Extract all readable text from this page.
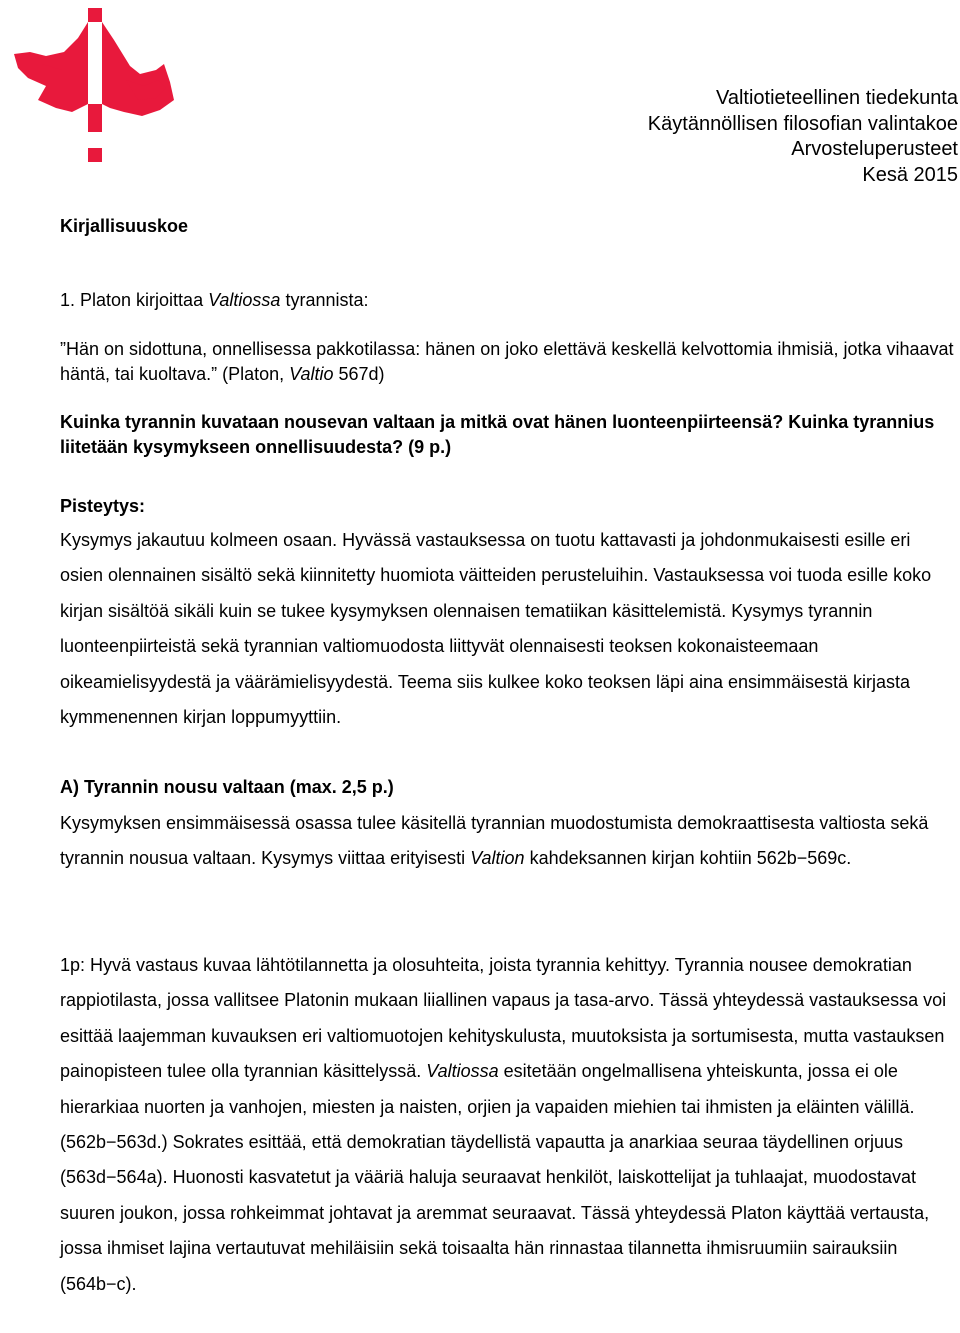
Valtiotieteellinen tiedekunta
Käytännöllisen filosofian valintakoe
Arvosteluperusteet
Kesä 2015
Kirjallisuuskoe
1. Platon kirjoittaa Valtiossa tyrannista:
”Hän on sidottuna, onnellisessa pakkotilassa: hänen on joko elettävä keskellä kelvottomia ihmisiä, jotka vihaavat häntä, tai kuoltava.” (Platon, Valtio 567d)
Kuinka tyrannin kuvataan nousevan valtaan ja mitkä ovat hänen luonteenpiirteensä? Kuinka tyrannius liitetään kysymykseen onnellisuudesta? (9 p.)
Pisteytys:
Kysymys jakautuu kolmeen osaan. Hyvässä vastauksessa on tuotu kattavasti ja johdonmukaisesti esille eri osien olennainen sisältö sekä kiinnitetty huomiota väitteiden perusteluihin. Vastauksessa voi tuoda esille koko kirjan sisältöä sikäli kuin se tukee kysymyksen olennaisen tematiikan käsittelemistä. Kysymys tyrannin luonteenpiirteistä sekä tyrannian valtiomuodosta liittyvät olennaisesti teoksen kokonaisteemaan oikeamielisyydestä ja väärämielisyydestä. Teema siis kulkee koko teoksen läpi aina ensimmäisestä kirjasta kymmenennen kirjan loppumyyttiin.
A) Tyrannin nousu valtaan (max. 2,5 p.)
Kysymyksen ensimmäisessä osassa tulee käsitellä tyrannian muodostumista demokraattisesta valtiosta sekä tyrannin nousua valtaan. Kysymys viittaa erityisesti Valtion kahdeksannen kirjan kohtiin 562b−569c.
1p: Hyvä vastaus kuvaa lähtötilannetta ja olosuhteita, joista tyrannia kehittyy. Tyrannia nousee demokratian rappiotilasta, jossa vallitsee Platonin mukaan liiallinen vapaus ja tasa-arvo. Tässä yhteydessä vastauksessa voi esittää laajemman kuvauksen eri valtiomuotojen kehityskulusta, muutoksista ja sortumisesta, mutta vastauksen painopisteen tulee olla tyrannian käsittelyssä. Valtiossa esitetään ongelmallisena yhteiskunta, jossa ei ole hierarkiaa nuorten ja vanhojen, miesten ja naisten, orjien ja vapaiden miehien tai ihmisten ja eläinten välillä. (562b−563d.) Sokrates esittää, että demokratian täydellistä vapautta ja anarkiaa seuraa täydellinen orjuus (563d−564a). Huonosti kasvatetut ja vääriä haluja seuraavat henkilöt, laiskottelijat ja tuhlaajat, muodostavat suuren joukon, jossa rohkeimmat johtavat ja aremmat seuraavat. Tässä yhteydessä Platon käyttää vertausta, jossa ihmiset lajina vertautuvat mehiläisiin sekä toisaalta hän rinnastaa tilannetta ihmisruumiin sairauksiin (564b−c).
